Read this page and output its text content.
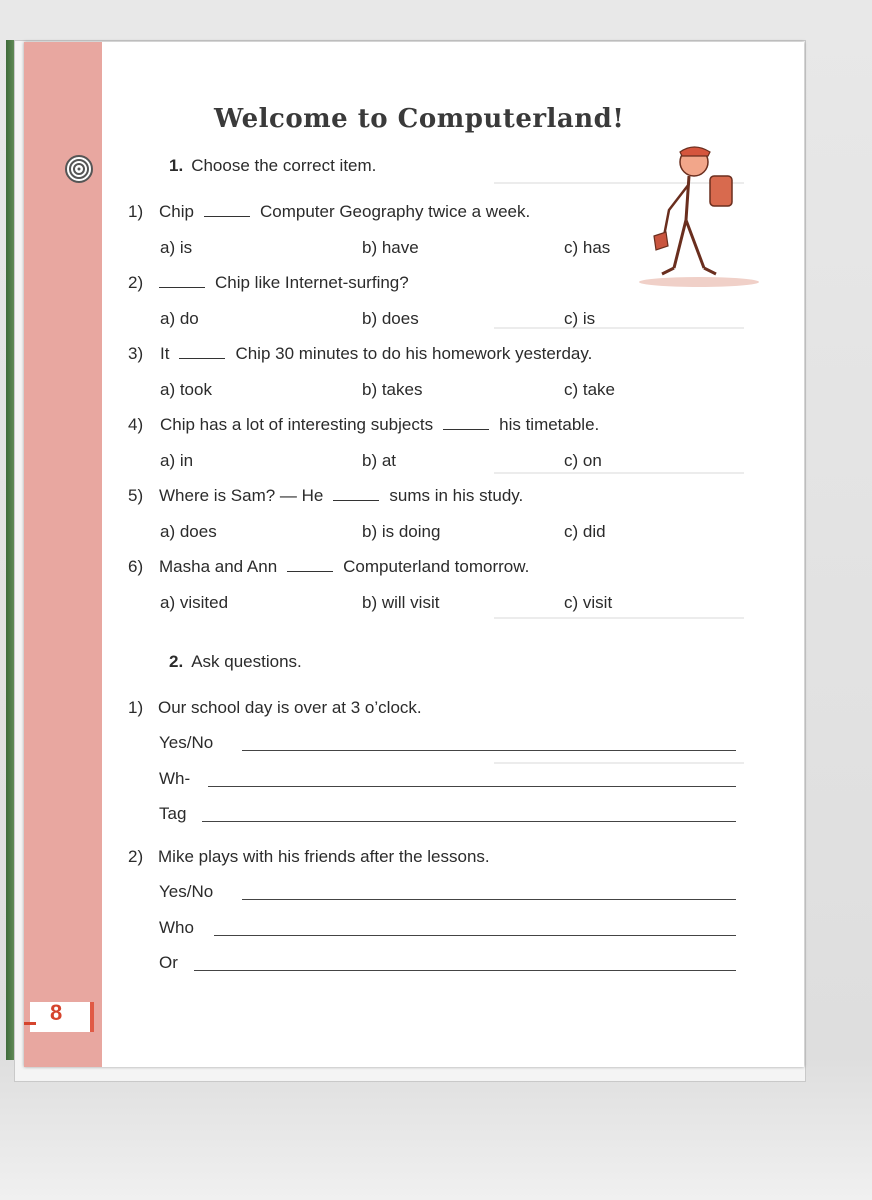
Welcome to Computerland!
1. Choose the correct item.
1) Chip	Computer Geography twice a week.
a) is	b) have	c) has
2)	Chip like Internet-surfing?
a) do	b) does	c) is
3) It	Chip 30 minutes to do his homework yesterday.
a) took	b) takes	c) take
4) Chip has a lot of interesting subjects	his timetable.
a) in	b) at	c) on
5) Where is Sam? — He	sums in his study.
a) does	b) is doing	c) did
6) Masha and Ann	Computerland tomorrow.
a) visited	b) will visit	c) visit
2. Ask questions.
1) Our school day is over at 3 o’clock.
Yes/No
Wh-
Tag
2) Mike plays with his friends after the lessons.
Yes/No
Who
Or
8
